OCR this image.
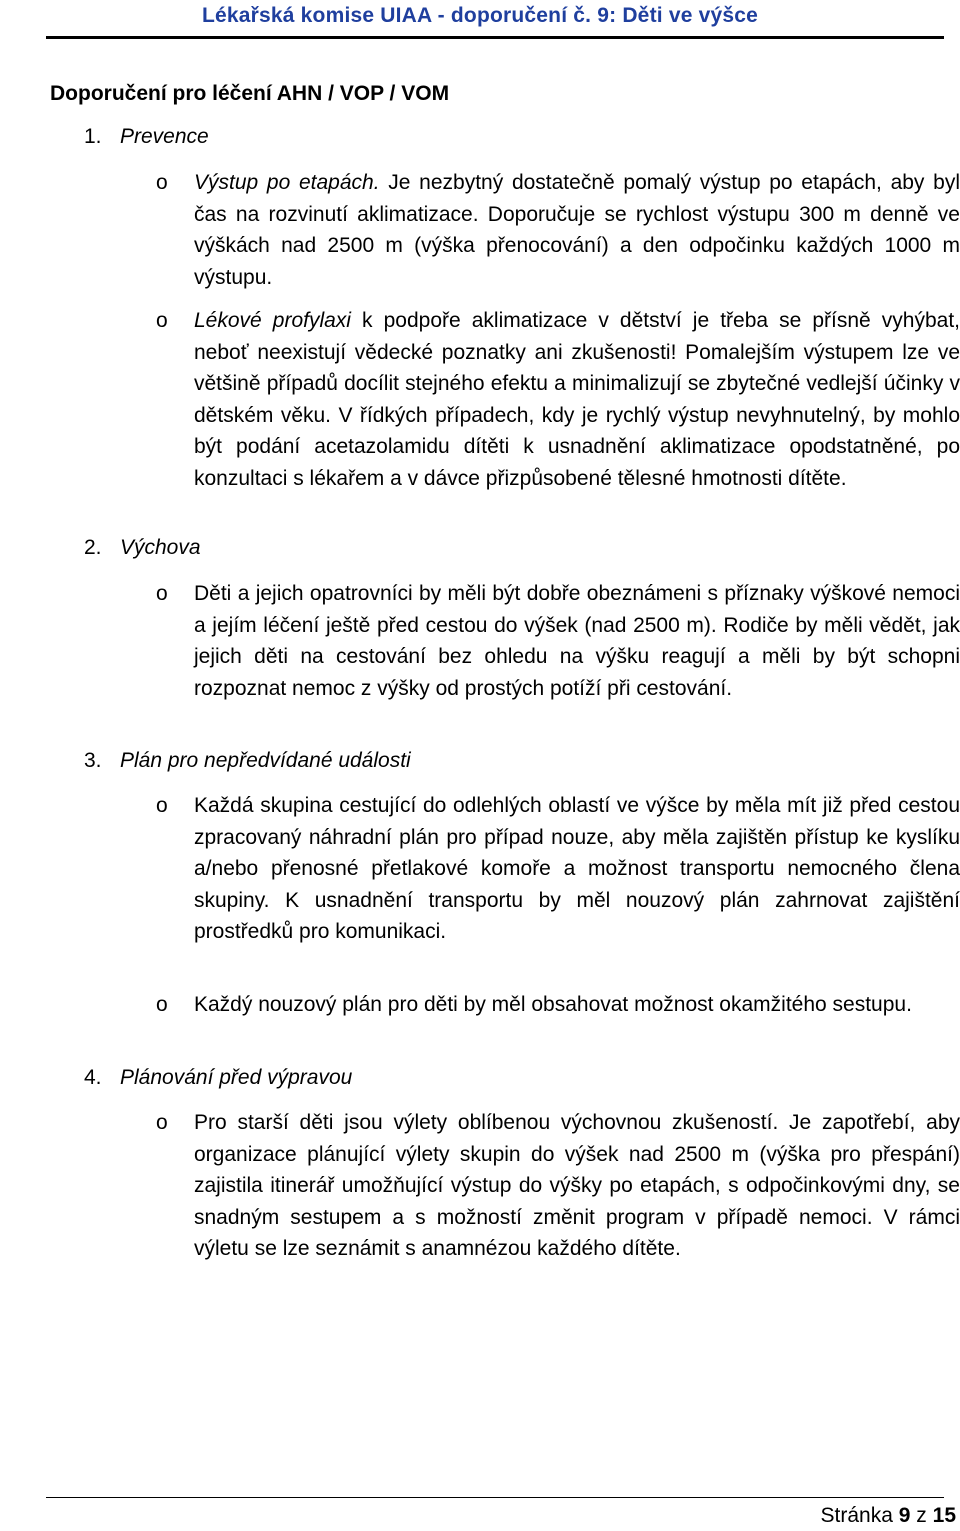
Lékařská komise UIAA - doporučení č. 9: Děti ve výšce
Doporučení pro léčení AHN / VOP / VOM
1. Prevence
o Výstup po etapách. Je nezbytný dostatečně pomalý výstup po etapách, aby byl čas na rozvinutí aklimatizace. Doporučuje se rychlost výstupu 300 m denně ve výškách nad 2500 m (výška přenocování) a den odpočinku každých 1000 m výstupu.

o Lékové profylaxi k podpoře aklimatizace v dětství je třeba se přísně vyhýbat, neboť neexistují vědecké poznatky ani zkušenosti! Pomalejším výstupem lze ve většině případů docílit stejného efektu a minimalizují se zbytečné vedlejší účinky v dětském věku. V řídkých případech, kdy je rychlý výstup nevyhnutelný, by mohlo být podání acetazolamidu dítěti k usnadnění aklimatizace opodstatněné, po konzultaci s lékařem a v dávce přizpůsobené tělesné hmotnosti dítěte.

2. Výchova
o Děti a jejich opatrovníci by měli být dobře obeznámeni s příznaky výškové nemoci a jejím léčení ještě před cestou do výšek (nad 2500 m). Rodiče by měli vědět, jak jejich děti na cestování bez ohledu na výšku reagují a měli by být schopni rozpoznat nemoc z výšky od prostých potíží při cestování.

3. Plán pro nepředvídané události
o Každá skupina cestující do odlehlých oblastí ve výšce by měla mít již před cestou zpracovaný náhradní plán pro případ nouze, aby měla zajištěn přístup ke kyslíku a/nebo přenosné přetlakové komoře a možnost transportu nemocného člena skupiny. K usnadnění transportu by měl nouzový plán zahrnovat zajištění prostředků pro komunikaci.

o Každý nouzový plán pro děti by měl obsahovat možnost okamžitého sestupu.

4. Plánování před výpravou
o Pro starší děti jsou výlety oblíbenou výchovnou zkušeností. Je zapotřebí, aby organizace plánující výlety skupin do výšek nad 2500 m (výška pro přespání) zajistila itinerář umožňující výstup do výšky po etapách, s odpočinkovými dny, se snadným sestupem a s možností změnit program v případě nemoci. V rámci výletu se lze seznámit s anamnézou každého dítěte.

Stránka 9 z 15
